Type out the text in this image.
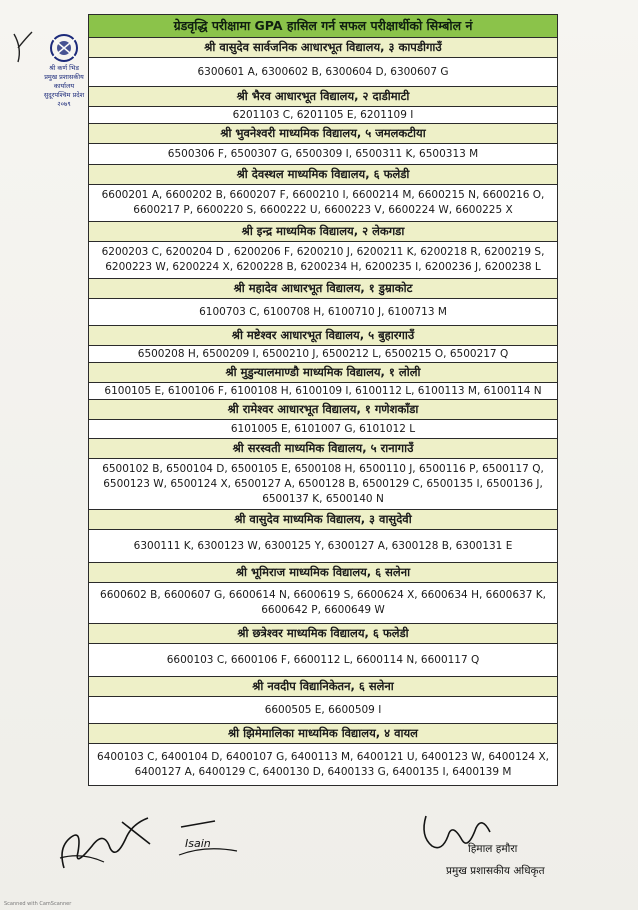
श्री कर्ण भिड
प्रमुख प्रशासकीय
कार्यालय
सुदूरपश्चिम प्रदेश
२०७९
ग्रेडवृद्धि परीक्षामा GPA हासिल गर्न सफल परीक्षार्थीको सिम्बोल नं
श्री वासुदेव सार्वजनिक आधारभूत विद्यालय, ३ कापडीगाउँ
6300601 A, 6300602 B, 6300604 D, 6300607 G
श्री भैरव आधारभूत विद्यालय, २ दाडीमाटी
6201103 C, 6201105 E, 6201109 I
श्री भुवनेश्वरी माध्यमिक विद्यालय, ५ जमलकटीया
6500306 F, 6500307 G, 6500309 I, 6500311 K, 6500313 M
श्री देवस्थल माध्यमिक विद्यालय, ६ फलेडी
6600201 A, 6600202 B, 6600207 F, 6600210 I, 6600214 M, 6600215 N, 6600216 O, 6600217 P, 6600220 S, 6600222 U, 6600223 V, 6600224 W, 6600225 X
श्री इन्द्र माध्यमिक विद्यालय, २ लेकगडा
6200203 C, 6200204 D , 6200206 F, 6200210 J, 6200211 K, 6200218 R, 6200219 S, 6200223 W, 6200224 X, 6200228 B, 6200234 H, 6200235 I, 6200236 J, 6200238 L
श्री महादेव आधारभूत विद्यालय, १ डुम्राकोट
6100703 C, 6100708 H, 6100710 J, 6100713 M
श्री मष्टेश्वर आधारभूत विद्यालय, ५ बुहारगाउँ
6500208 H, 6500209 I, 6500210 J, 6500212 L, 6500215 O, 6500217 Q
श्री मुडुन्यालमाण्डौ माध्यमिक विद्यालय, १ लोली
6100105 E, 6100106 F, 6100108 H, 6100109 I, 6100112 L, 6100113 M, 6100114 N
श्री रामेश्वर आधारभूत विद्यालय, १ गणेशकाँडा
6101005 E, 6101007 G, 6101012 L
श्री सरस्वती माध्यमिक विद्यालय, ५ रानागाउँ
6500102 B, 6500104 D, 6500105 E, 6500108 H, 6500110 J, 6500116 P, 6500117 Q, 6500123 W, 6500124 X, 6500127 A, 6500128 B, 6500129 C, 6500135 I, 6500136 J, 6500137 K, 6500140 N
श्री वासुदेव माध्यमिक विद्यालय, ३ वासुदेवी
6300111 K, 6300123 W, 6300125 Y, 6300127 A, 6300128 B, 6300131 E
श्री भूमिराज माध्यमिक विद्यालय, ६ सलेना
6600602 B, 6600607 G, 6600614 N, 6600619 S, 6600624 X, 6600634 H, 6600637 K, 6600642 P, 6600649 W
श्री छत्रेश्वर माध्यमिक विद्यालय, ६ फलेडी
6600103 C, 6600106 F, 6600112 L, 6600114 N, 6600117 Q
श्री नवदीप विद्यानिकेतन, ६ सलेना
6600505 E, 6600509 I
श्री झिमेमालिका माध्यमिक विद्यालय, ४ वायल
6400103 C, 6400104 D, 6400107 G, 6400113 M, 6400121 U, 6400123 W, 6400124 X, 6400127 A, 6400129 C, 6400130 D, 6400133 G, 6400135 I, 6400139 M
Isain	हिमाल हमौरा
प्रमुख प्रशासकीय अधिकृत
Scanned with CamScanner
